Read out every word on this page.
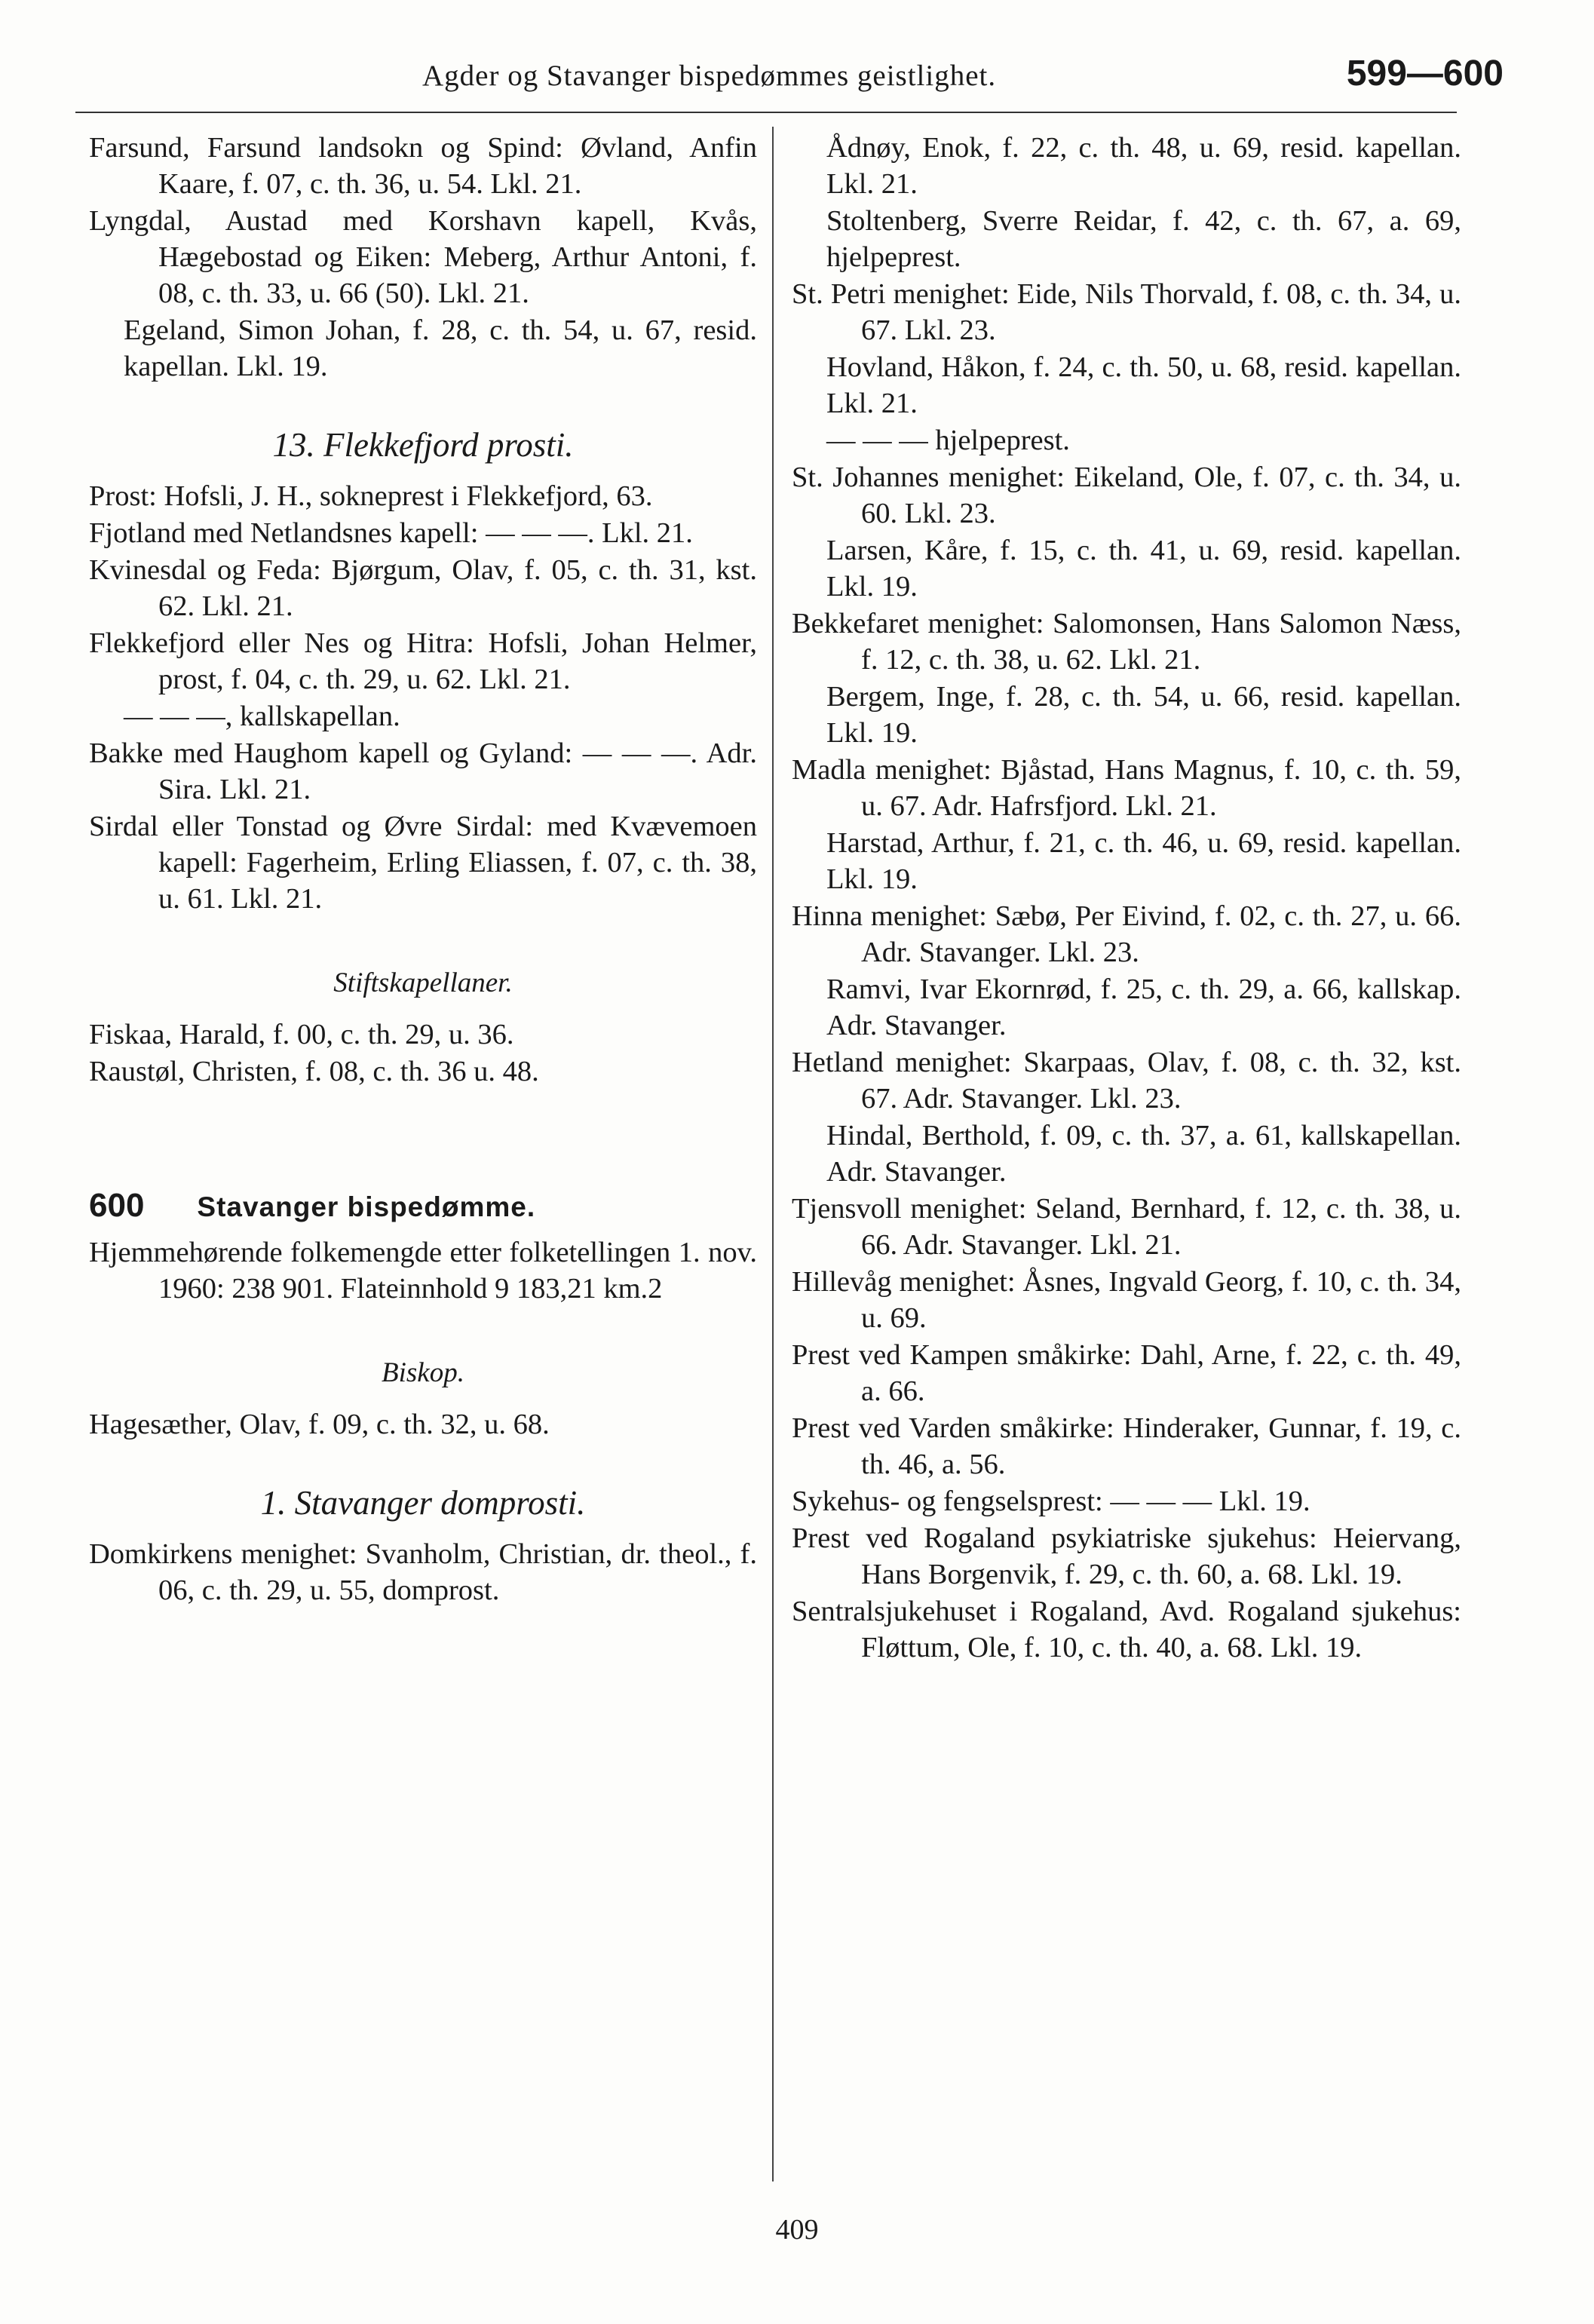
Agder og Stavanger bispedømmes geistlighet.	599—600

Farsund, Farsund landsokn og Spind: Øvland, Anfin Kaare, f. 07, c. th. 36, u. 54. Lkl. 21.

Lyngdal, Austad med Korshavn kapell, Kvås, Hægebostad og Eiken: Meberg, Arthur Antoni, f. 08, c. th. 33, u. 66 (50). Lkl. 21.

Egeland, Simon Johan, f. 28, c. th. 54, u. 67, resid. kapellan. Lkl. 19.

13. Flekkefjord prosti.

Prost: Hofsli, J. H., sokneprest i Flekkefjord, 63.

Fjotland med Netlandsnes kapell: — — —. Lkl. 21.

Kvinesdal og Feda: Bjørgum, Olav, f. 05, c. th. 31, kst. 62. Lkl. 21.

Flekkefjord eller Nes og Hitra: Hofsli, Johan Helmer, prost, f. 04, c. th. 29, u. 62. Lkl. 21.

— — —, kallskapellan.

Bakke med Haughom kapell og Gyland: — — —. Adr. Sira. Lkl. 21.

Sirdal eller Tonstad og Øvre Sirdal: med Kvævemoen kapell: Fagerheim, Erling Eliassen, f. 07, c. th. 38, u. 61. Lkl. 21.

Stiftskapellaner.

Fiskaa, Harald, f. 00, c. th. 29, u. 36.

Raustøl, Christen, f. 08, c. th. 36 u. 48.

600 Stavanger bispedømme.

Hjemmehørende folkemengde etter folketellingen 1. nov. 1960: 238 901. Flateinnhold 9 183,21 km.2

Biskop.

Hagesæther, Olav, f. 09, c. th. 32, u. 68.

1. Stavanger domprosti.

Domkirkens menighet: Svanholm, Christian, dr. theol., f. 06, c. th. 29, u. 55, domprost.

Ådnøy, Enok, f. 22, c. th. 48, u. 69, resid. kapellan. Lkl. 21.

Stoltenberg, Sverre Reidar, f. 42, c. th. 67, a. 69, hjelpeprest.

St. Petri menighet: Eide, Nils Thorvald, f. 08, c. th. 34, u. 67. Lkl. 23.

Hovland, Håkon, f. 24, c. th. 50, u. 68, resid. kapellan. Lkl. 21.

— — — hjelpeprest.

St. Johannes menighet: Eikeland, Ole, f. 07, c. th. 34, u. 60. Lkl. 23.

Larsen, Kåre, f. 15, c. th. 41, u. 69, resid. kapellan. Lkl. 19.

Bekkefaret menighet: Salomonsen, Hans Salomon Næss, f. 12, c. th. 38, u. 62. Lkl. 21.

Bergem, Inge, f. 28, c. th. 54, u. 66, resid. kapellan. Lkl. 19.

Madla menighet: Bjåstad, Hans Magnus, f. 10, c. th. 59, u. 67. Adr. Hafrsfjord. Lkl. 21.

Harstad, Arthur, f. 21, c. th. 46, u. 69, resid. kapellan. Lkl. 19.

Hinna menighet: Sæbø, Per Eivind, f. 02, c. th. 27, u. 66. Adr. Stavanger. Lkl. 23.

Ramvi, Ivar Ekornrød, f. 25, c. th. 29, a. 66, kallskap. Adr. Stavanger.

Hetland menighet: Skarpaas, Olav, f. 08, c. th. 32, kst. 67. Adr. Stavanger. Lkl. 23.

Hindal, Berthold, f. 09, c. th. 37, a. 61, kallskapellan. Adr. Stavanger.

Tjensvoll menighet: Seland, Bernhard, f. 12, c. th. 38, u. 66. Adr. Stavanger. Lkl. 21.

Hillevåg menighet: Åsnes, Ingvald Georg, f. 10, c. th. 34, u. 69.

Prest ved Kampen småkirke: Dahl, Arne, f. 22, c. th. 49, a. 66.

Prest ved Varden småkirke: Hinderaker, Gunnar, f. 19, c. th. 46, a. 56.

Sykehus- og fengselsprest: — — — Lkl. 19.

Prest ved Rogaland psykiatriske sjukehus: Heiervang, Hans Borgenvik, f. 29, c. th. 60, a. 68. Lkl. 19.

Sentralsjukehuset i Rogaland, Avd. Rogaland sjukehus: Fløttum, Ole, f. 10, c. th. 40, a. 68. Lkl. 19.

409
